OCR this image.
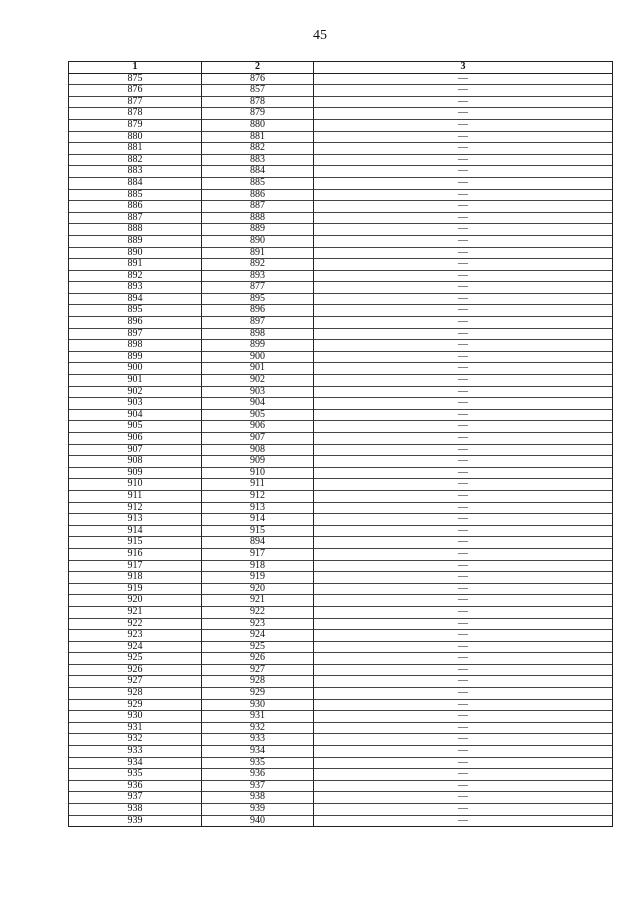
45
1	2	3
875	876	—
876	857	—
877	878	—
878	879	—
879	880	—
880	881	—
881	882	—
882	883	—
883	884	—
884	885	—
885	886	—
886	887	—
887	888	—
888	889	—
889	890	—
890	891	—
891	892	—
892	893	—
893	877	—
894	895	—
895	896	—
896	897	—
897	898	—
898	899	—
899	900	—
900	901	—
901	902	—
902	903	—
903	904	—
904	905	—
905	906	—
906	907	—
907	908	—
908	909	—
909	910	—
910	911	—
911	912	—
912	913	—
913	914	—
914	915	—
915	894	—
916	917	—
917	918	—
918	919	—
919	920	—
920	921	—
921	922	—
922	923	—
923	924	—
924	925	—
925	926	—
926	927	—
927	928	—
928	929	—
929	930	—
930	931	—
931	932	—
932	933	—
933	934	—
934	935	—
935	936	—
936	937	—
937	938	—
938	939	—
939	940	—
